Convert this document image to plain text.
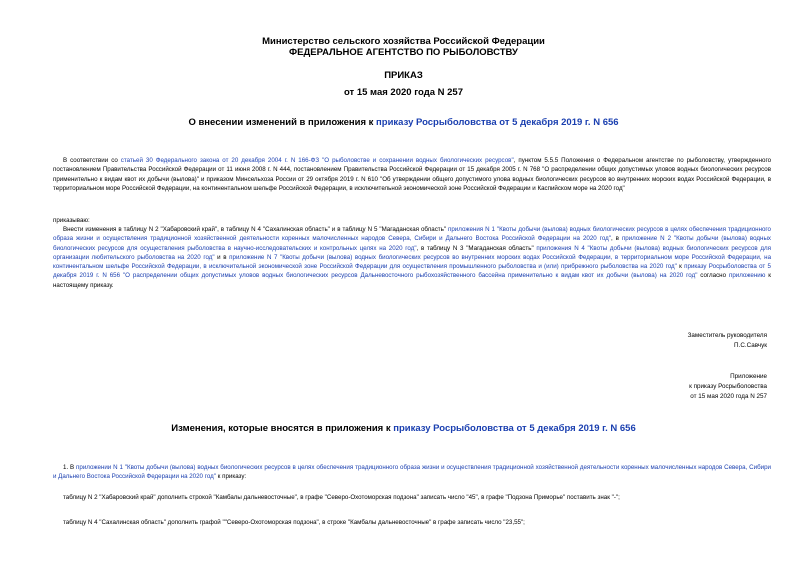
Министерство сельского хозяйства Российской Федерации
ФЕДЕРАЛЬНОЕ АГЕНТСТВО ПО РЫБОЛОВСТВУ
ПРИКАЗ
от 15 мая 2020 года N 257
О внесении изменений в приложения к приказу Росрыболовства от 5 декабря 2019 г. N 656
В соответствии со статьей 30 Федерального закона от 20 декабря 2004 г. N 166-ФЗ "О рыболовстве и сохранении водных биологических ресурсов", пунктом 5.5.5 Положения о Федеральном агентстве по рыболовству, утвержденного постановлением Правительства Российской Федерации от 11 июня 2008 г. N 444, постановлением Правительства Российской Федерации от 15 декабря 2005 г. N 768 "О распределении общих допустимых уловов водных биологических ресурсов применительно к видам квот их добычи (вылова)" и приказом Минсельхоза России от 29 октября 2019 г. N 610 "Об утверждении общего допустимого улова водных биологических ресурсов во внутренних морских водах Российской Федерации, в территориальном море Российской Федерации, на континентальном шельфе Российской Федерации, в исключительной экономической зоне Российской Федерации и Каспийском море на 2020 год"
приказываю:
Внести изменения в таблицу N 2 "Хабаровский край", в таблицу N 4 "Сахалинская область" и в таблицу N 5 "Магаданская область" приложения N 1 "Квоты добычи (вылова) водных биологических ресурсов в целях обеспечения традиционного образа жизни и осуществления традиционной хозяйственной деятельности коренных малочисленных народов Севера, Сибири и Дальнего Востока Российской Федерации на 2020 год", в приложение N 2 "Квоты добычи (вылова) водных биологических ресурсов для осуществления рыболовства в научно-исследовательских и контрольных целях на 2020 год", в таблицу N 3 "Магаданская область" приложения N 4 "Квоты добычи (вылова) водных биологических ресурсов для организации любительского рыболовства на 2020 год" и в приложение N 7 "Квоты добычи (вылова) водных биологических ресурсов во внутренних морских водах Российской Федерации, в территориальном море Российской Федерации, на континентальном шельфе Российской Федерации, в исключительной экономической зоне Российской Федерации для осуществления промышленного рыболовства и (или) прибрежного рыболовства на 2020 год" к приказу Росрыболовства от 5 декабря 2019 г. N 656 "О распределении общих допустимых уловов водных биологических ресурсов Дальневосточного рыбохозяйственного бассейна применительно к видам квот их добычи (вылова) на 2020 год" согласно приложению к настоящему приказу.
Заместитель руководителя
П.С.Савчук
Приложение
к приказу Росрыболовства
от 15 мая 2020 года N 257
Изменения, которые вносятся в приложения к приказу Росрыболовства от 5 декабря 2019 г. N 656
1. В приложении N 1 "Квоты добычи (вылова) водных биологических ресурсов в целях обеспечения традиционного образа жизни и осуществления традиционной хозяйственной деятельности коренных малочисленных народов Севера, Сибири и Дальнего Востока Российской Федерации на 2020 год" к приказу:
таблицу N 2 "Хабаровский край" дополнить строкой "Камбалы дальневосточные", в графе "Северо-Охотоморская подзона" записать число "45", в графе "Подзона Приморье" поставить знак "-";
таблицу N 4 "Сахалинская область" дополнить графой ""Северо-Охотоморская подзона", в строке "Камбалы дальневосточные" в графе записать число "23,55";
